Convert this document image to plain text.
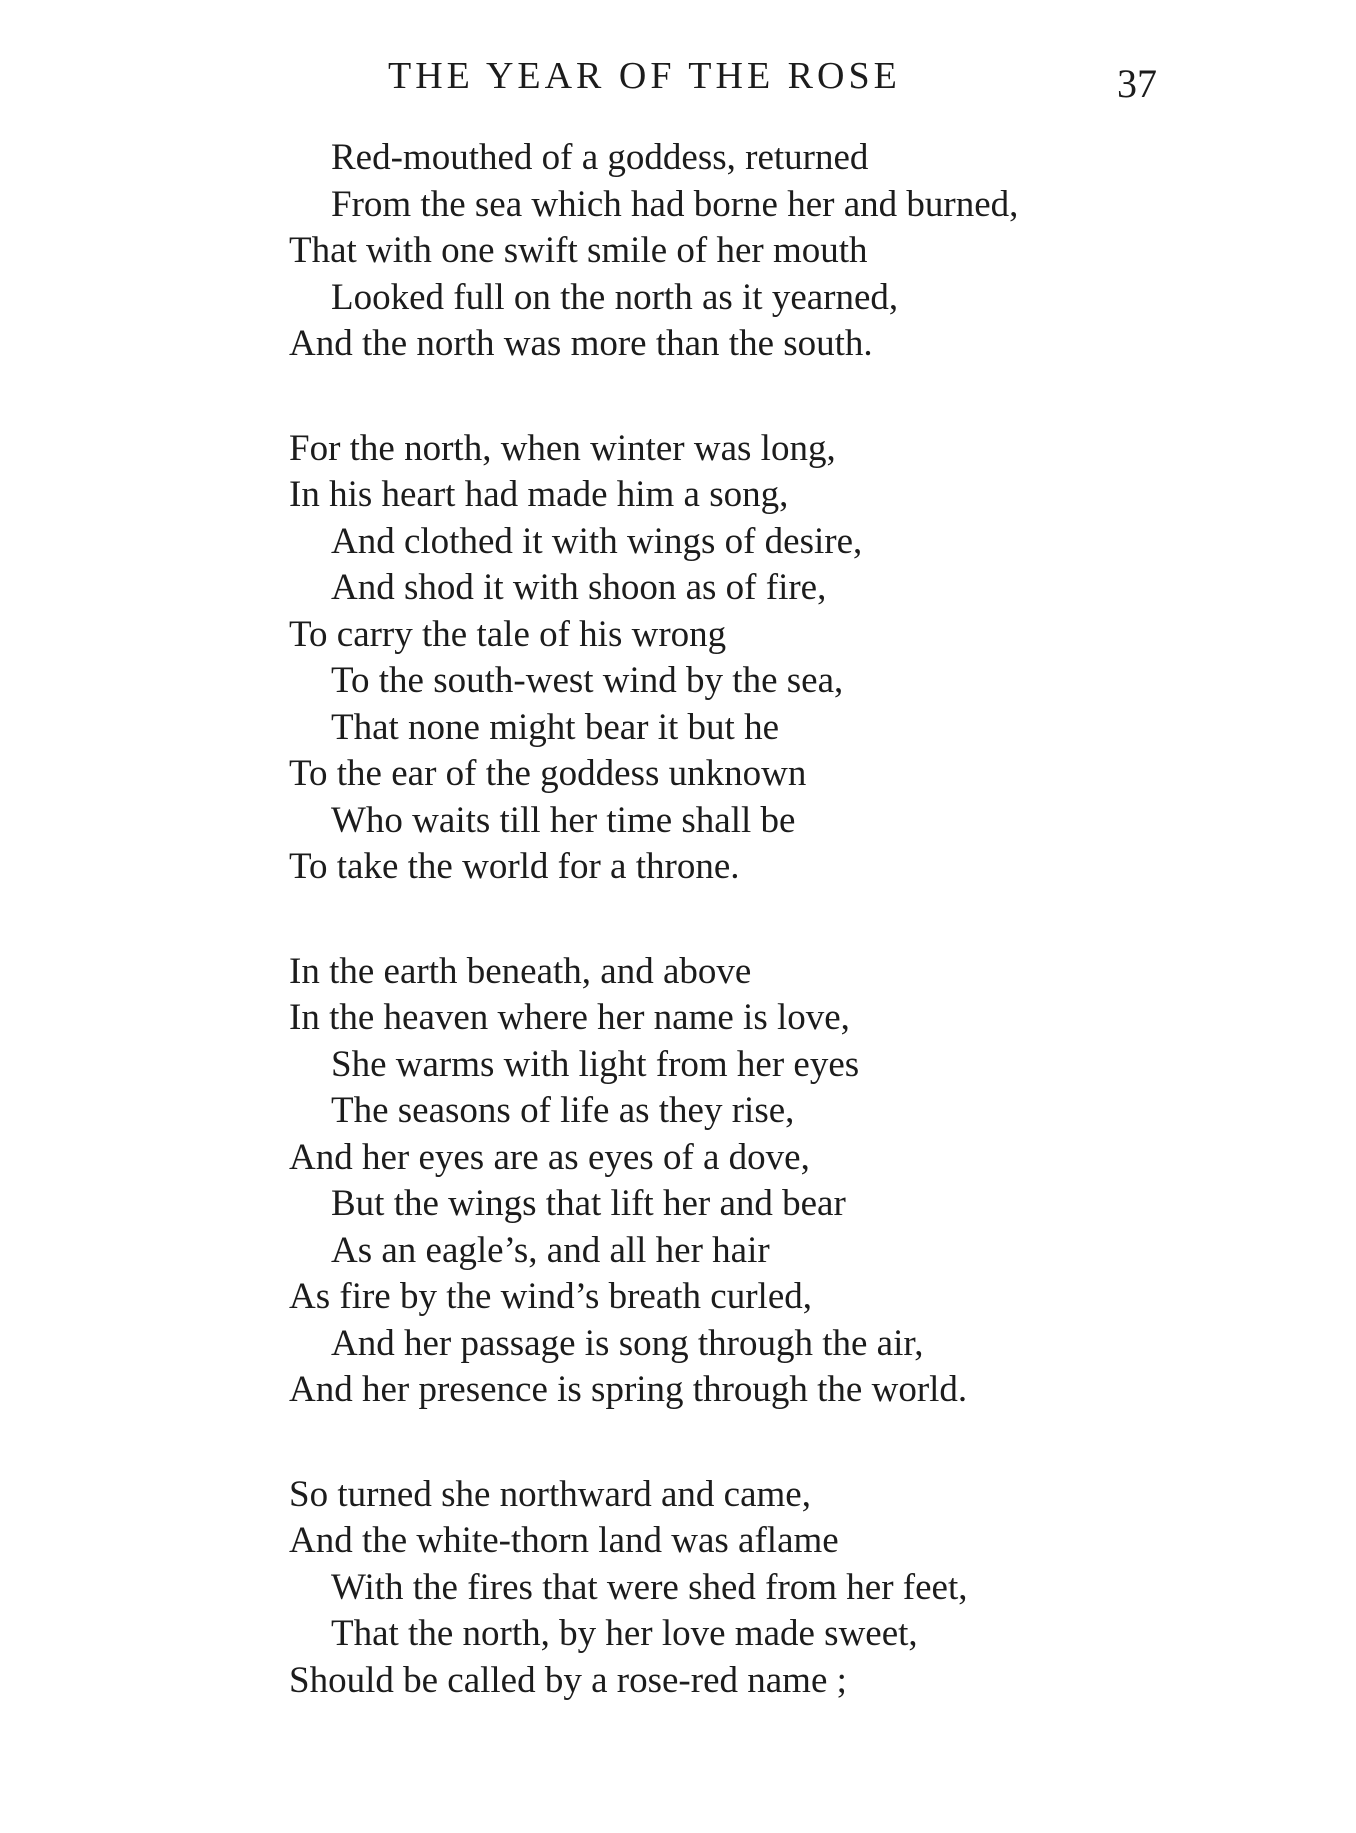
THE YEAR OF THE ROSE	37
Red-mouthed of a goddess, returned
From the sea which had borne her and burned,
That with one swift smile of her mouth
Looked full on the north as it yearned,
And the north was more than the south.
For the north, when winter was long,
In his heart had made him a song,
And clothed it with wings of desire,
And shod it with shoon as of fire,
To carry the tale of his wrong
To the south-west wind by the sea,
That none might bear it but he
To the ear of the goddess unknown
Who waits till her time shall be
To take the world for a throne.
In the earth beneath, and above
In the heaven where her name is love,
She warms with light from her eyes
The seasons of life as they rise,
And her eyes are as eyes of a dove,
But the wings that lift her and bear
As an eagle’s, and all her hair
As fire by the wind’s breath curled,
And her passage is song through the air,
And her presence is spring through the world.
So turned she northward and came,
And the white-thorn land was aflame
With the fires that were shed from her feet,
That the north, by her love made sweet,
Should be called by a rose-red name ;
